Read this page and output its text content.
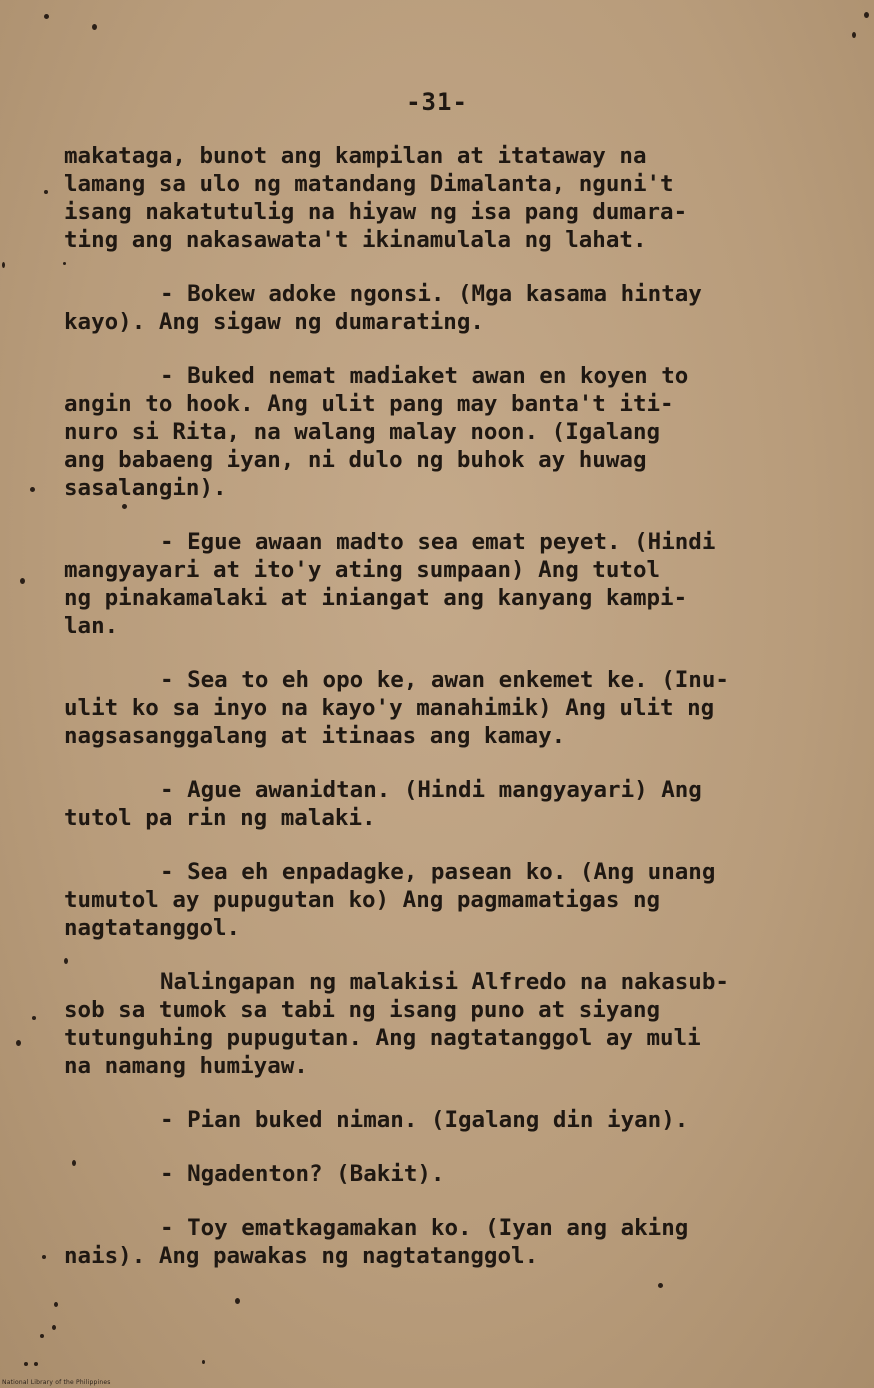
-31-
makataga, bunot ang kampilan at itataway na
lamang sa ulo ng matandang Dimalanta, nguni't
isang nakatutulig na hiyaw ng isa pang dumara-
ting ang nakasawata't ikinamulala ng lahat.
- Bokew adoke ngonsi. (Mga kasama hintay
kayo). Ang sigaw ng dumarating.
- Buked nemat madiaket awan en koyen to
angin to hook. Ang ulit pang may banta't iti-
nuro si Rita, na walang malay noon. (Igalang
ang babaeng iyan, ni dulo ng buhok ay huwag
sasalangin).
- Egue awaan madto sea emat peyet. (Hindi
mangyayari at ito'y ating sumpaan) Ang tutol
ng pinakamalaki at iniangat ang kanyang kampi-
lan.
- Sea to eh opo ke, awan enkemet ke. (Inu-
ulit ko sa inyo na kayo'y manahimik) Ang ulit ng
nagsasanggalang at itinaas ang kamay.
- Ague awanidtan. (Hindi mangyayari) Ang
tutol pa rin ng malaki.
- Sea eh enpadagke, pasean ko. (Ang unang
tumutol ay pupugutan ko) Ang pagmamatigas ng
nagtatanggol.
Nalingapan ng malakisi Alfredo na nakasub-
sob sa tumok sa tabi ng isang puno at siyang
tutunguhing pupugutan. Ang nagtatanggol ay muli
na namang humiyaw.
- Pian buked niman. (Igalang din iyan).
- Ngadenton? (Bakit).
- Toy ematkagamakan ko. (Iyan ang aking
nais). Ang pawakas ng nagtatanggol.
National Library of the Philippines
